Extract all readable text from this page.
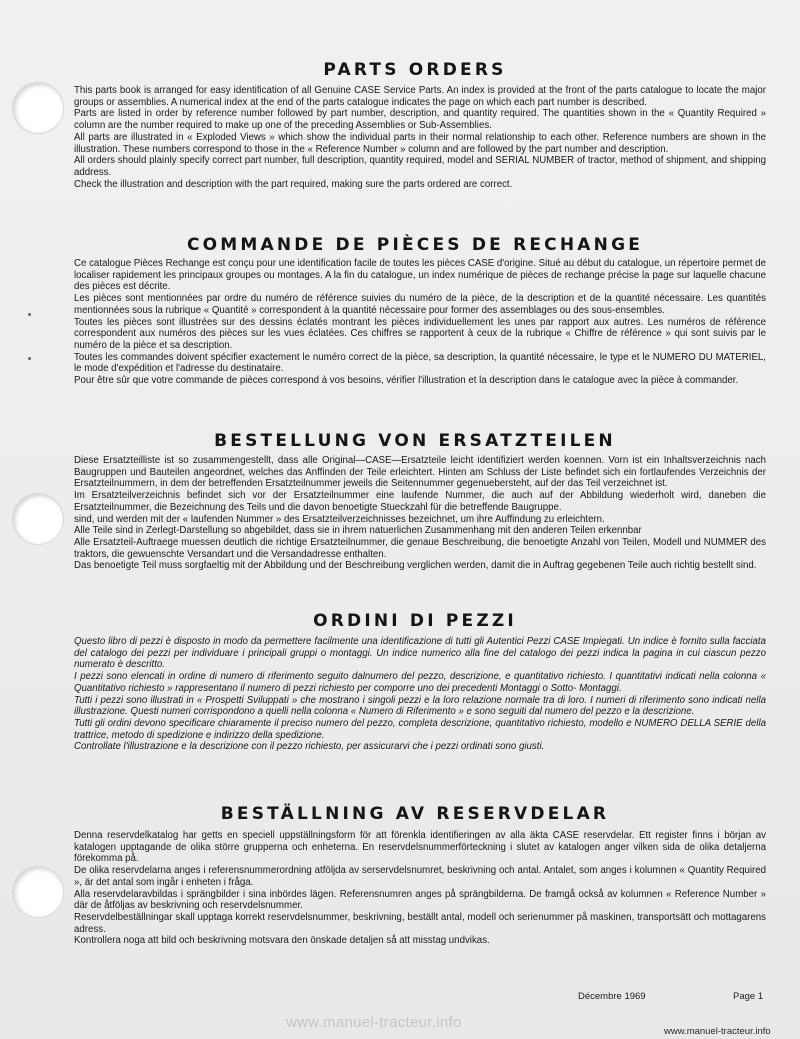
PARTS ORDERS

This parts book is arranged for easy identification of all Genuine CASE Service Parts. An index is provided at the front of the parts catalogue to locate the major groups or assemblies. A numerical index at the end of the parts catalogue indicates the page on which each part number is described.

Parts are listed in order by reference number followed by part number, description, and quantity required. The quantities shown in the « Quantity Required » column are the number required to make up one of the preceding Assemblies or Sub-Assemblies.

All parts are illustrated in « Exploded Views » which show the individual parts in their normal relationship to each other. Reference numbers are shown in the illustration. These numbers correspond to those in the « Reference Number » column and are followed by the part number and description.

All orders should plainly specify correct part number, full description, quantity required, model and SERIAL NUMBER of tractor, method of shipment, and shipping address.

Check the illustration and description with the part required, making sure the parts ordered are correct.

COMMANDE DE PIÈCES DE RECHANGE

Ce catalogue Pièces Rechange est conçu pour une identification facile de toutes les pièces CASE d'origine. Situé au début du catalogue, un répertoire permet de localiser rapidement les principaux groupes ou montages. A la fin du catalogue, un index numérique de pièces de rechange précise la page sur laquelle chacune des pièces est décrite.

Les pièces sont mentionnées par ordre du numéro de référence suivies du numéro de la pièce, de la description et de la quantité nécessaire. Les quantités mentionnées sous la rubrique « Quantité » correspondent à la quantité nécessaire pour former des assemblages ou des sous-ensembles.

Toutes les pièces sont illustrées sur des dessins éclatés montrant les pièces individuellement les unes par rapport aux autres. Les numéros de référence correspondent aux numéros des pièces sur les vues éclatées. Ces chiffres se rapportent à ceux de la rubrique « Chiffre de référence » qui sont suivis par le numéro de la pièce et sa description.

Toutes les commandes doivent spécifier exactement le numéro correct de la pièce, sa description, la quantité nécessaire, le type et le NUMERO DU MATERIEL, le mode d'expédition et l'adresse du destinataire.

Pour être sûr que votre commande de pièces correspond à vos besoins, vérifier l'illustration et la description dans le catalogue avec la pièce à commander.

BESTELLUNG VON ERSATZTEILEN

Diese Ersatzteilliste ist so zusammengestellt, dass alle Original—CASE—Ersatzteile leicht identifiziert werden koennen. Vorn ist ein Inhaltsverzeichnis nach Baugruppen und Bauteilen angeordnet, welches das Anffinden der Teile erleichtert. Hinten am Schluss der Liste befindet sich ein fortlaufendes Verzeichnis der Ersatzteilnummern, in dem der betreffenden Ersatzteilnummer jeweils die Seitennummer gegenuebersteht, auf der das Teil verzeichnet ist.

Im Ersatzteilverzeichnis befindet sich vor der Ersatzteilnummer eine laufende Nummer, die auch auf der Abbildung wiederholt wird, daneben die Ersatzteilnummer, die Bezeichnung des Teils und die davon benoetigte Stueckzahl für die betreffende Baugruppe.

sind, und werden mit der « laufenden Nummer » des Ersatzteilverzeichnisses bezeichnet, um ihre Auffindung zu erleichtern.

Alle Teile sind in Zerlegt-Darstellung so abgebildet, dass sie in ihrem natuerlichen Zusammenhang mit den anderen Teilen erkennbar

Alle Ersatzteil-Auftraege muessen deutlich die richtige Ersatzteilnummer, die genaue Beschreibung, die benoetigte Anzahl von Teilen, Modell und NUMMER des traktors, die gewuenschte Versandart und die Versandadresse enthalten.

Das benoetigte Teil muss sorgfaeltig mit der Abbildung und der Beschreibung verglichen werden, damit die in Auftrag gegebenen Teile auch richtig bestellt sind.

ORDINI DI PEZZI

Questo libro di pezzi è disposto in modo da permettere facilmente una identificazione di tutti gli Autentici Pezzi CASE Impiegati. Un indice è fornito sulla facciata del catalogo dei pezzi per individuare i principali gruppi o montaggi. Un indice numerico alla fine del catalogo dei pezzi indica la pagina in cui ciascun pezzo numerato è descritto.

I pezzi sono elencati in ordine di numero di riferimento seguito dalnumero del pezzo, descrizione, e quantitativo richiesto. I quantitativi indicati nella colonna « Quantitativo richiesto » rappresentano il numero di pezzi richiesto per comporre uno dei precedenti Montaggi o Sotto- Montaggi.

Tutti i pezzi sono illustrati in « Prospetti Sviluppati » che mostrano i singoli pezzi e la loro relazione normale tra di loro. I numeri di riferimento sono indicati nella illustrazione. Questi numeri corrispondono a quelli nella colonna « Numero di Riferimento » e sono seguiti dal numero del pezzo e la descrizione.

Tutti gli ordini devono specificare chiaramente il preciso numero del pezzo, completa descrizione, quantitativo richiesto, modello e NUMERO DELLA SERIE della trattrice, metodo di spedizione e indirizzo della spedizione.

Controllate l'illustrazione e la descrizione con il pezzo richiesto, per assicurarvi che i pezzi ordinati sono giusti.

BESTÄLLNING AV RESERVDELAR

Denna reservdelkatalog har getts en speciell uppställningsform för att förenkla identifieringen av alla äkta CASE reservdelar. Ett register finns i början av katalogen upptagande de olika större grupperna och enheterna. En reservdelsnummerförteckning i slutet av katalogen anger vilken sida de olika detaljerna förekomma på.

De olika reservdelarna anges i referensnummerordning atföljda av serservdelsnumret, beskrivning och antal. Antalet, som anges i kolumnen « Quantity Required », är det antal som ingår i enheten i fråga.

Alla reservdelaravbildas i sprängbilder i sina inbördes lägen. Referensnumren anges på sprängbilderna. De framgå också av kolumnen « Reference Number » där de åtföljas av beskrivning och reservdelsnummer.

Reservdelbeställningar skall upptaga korrekt reservdelsnummer, beskrivning, beställt antal, modell och serienummer på maskinen, transportsätt och mottagarens adress.

Kontrollera noga att bild och beskrivning motsvara den önskade detaljen så att misstag undvikas.

Décembre 1969	Page 1
www.manuel-tracteur.info
www.manuel-tracteur.info
